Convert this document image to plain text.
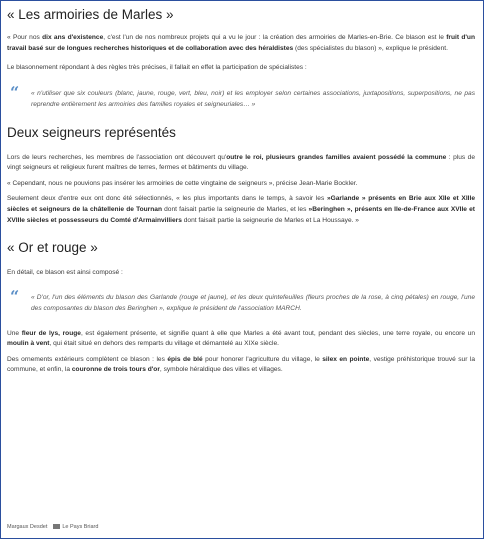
« Les armoiries de Marles »

« Pour nos dix ans d'existence, c'est l'un de nos nombreux projets qui a vu le jour : la création des armoiries de Marles-en-Brie. Ce blason est le fruit d'un travail basé sur de longues recherches historiques et de collaboration avec des héraldistes (des spécialistes du blason) », explique le président.

Le blasonnement répondant à des règles très précises, il fallait en effet la participation de spécialistes :

“ « n'utiliser que six couleurs (blanc, jaune, rouge, vert, bleu, noir) et les employer selon certaines associations, juxtapositions, superpositions, ne pas reprendre entièrement les armoiries des familles royales et seigneuriales… »

Deux seigneurs représentés

Lors de leurs recherches, les membres de l'association ont découvert qu'outre le roi, plusieurs grandes familles avaient possédé la commune : plus de vingt seigneurs et religieux furent maîtres de terres, fermes et bâtiments du village.

« Cependant, nous ne pouvions pas insérer les armoiries de cette vingtaine de seigneurs », précise Jean-Marie Bockler.

Seulement deux d'entre eux ont donc été sélectionnés, « les plus importants dans le temps, à savoir les »Garlande » présents en Brie aux XIIe et XIIIe siècles et seigneurs de la châtellenie de Tournan dont faisait partie la seigneurie de Marles, et les »Beringhen », présents en Ile-de-France aux XVIIe et XVIIIe siècles et possesseurs du Comté d'Armainvilliers dont faisait partie la seigneurie de Marles et La Houssaye. »

« Or et rouge »

En détail, ce blason est ainsi composé :

“ « D'or, l'un des éléments du blason des Garlande (rouge et jaune), et les deux quintefeuilles (fleurs proches de la rose, à cinq pétales) en rouge, l'une des composantes du blason des Beringhen », explique le président de l'association MARCH.

Une fleur de lys, rouge, est également présente, et signifie quant à elle que Marles a été avant tout, pendant des siècles, une terre royale, ou encore un moulin à vent, qui était situé en dehors des remparts du village et démantelé au XIXe siècle.

Des ornements extérieurs complètent ce blason : les épis de blé pour honorer l'agriculture du village, le silex en pointe, vestige préhistorique trouvé sur la commune, et enfin, la couronne de trois tours d'or, symbole héraldique des villes et villages.

Margaux Desdet	Le Pays Briard
